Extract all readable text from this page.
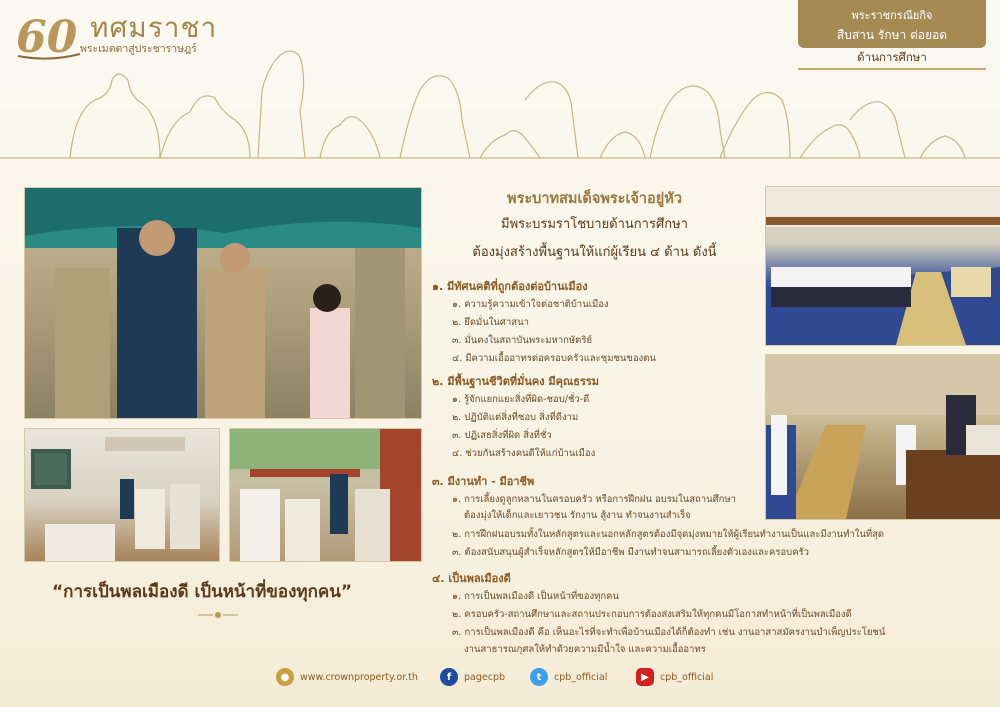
60 ทศมราชา
พระเมตตาสู่ประชาราษฎร์
พระราชกรณียกิจ
สืบสาน รักษา ต่อยอด
ด้านการศึกษา
พระบาทสมเด็จพระเจ้าอยู่หัว
มีพระบรมราโชบายด้านการศึกษา
ต้องมุ่งสร้างพื้นฐานให้แก่ผู้เรียน ๔ ด้าน ดังนี้
๑. มีทัศนคติที่ถูกต้องต่อบ้านเมือง
๑. ความรู้ความเข้าใจต่อชาติบ้านเมือง
๒. ยึดมั่นในศาสนา
๓. มั่นคงในสถาบันพระมหากษัตริย์
๔. มีความเอื้ออาทรต่อครอบครัวและชุมชนของตน
๒. มีพื้นฐานชีวิตที่มั่นคง มีคุณธรรม
๑. รู้จักแยกแยะสิ่งที่ผิด-ชอบ/ชั่ว-ดี
๒. ปฏิบัติแต่สิ่งที่ชอบ สิ่งที่ดีงาม
๓. ปฏิเสธสิ่งที่ผิด สิ่งที่ชั่ว
๔. ช่วยกันสร้างคนดีให้แก่บ้านเมือง
๓. มีงานทำ - มีอาชีพ
๑. การเลี้ยงดูลูกหลานในครอบครัว หรือการฝึกฝน อบรมในสถานศึกษา
ต้องมุ่งให้เด็กและเยาวชน รักงาน สู้งาน ทำจนงานสำเร็จ
๒. การฝึกฝนอบรมทั้งในหลักสูตรและนอกหลักสูตรต้องมีจุดมุ่งหมายให้ผู้เรียนทำงานเป็นและมีงานทำในที่สุด
๓. ต้องสนับสนุนผู้สำเร็จหลักสูตรให้มีอาชีพ มีงานทำจนสามารถเลี้ยงตัวเองและครอบครัว
๔. เป็นพลเมืองดี
๑. การเป็นพลเมืองดี เป็นหน้าที่ของทุกคน
๒. ครอบครัว-สถานศึกษาและสถานประกอบการต้องส่งเสริมให้ทุกคนมีโอกาสทำหน้าที่เป็นพลเมืองดี
๓. การเป็นพลเมืองดี คือ เห็นอะไรที่จะทำเพื่อบ้านเมืองได้ก็ต้องทำ เช่น งานอาสาสมัครงานบำเพ็ญประโยชน์
งานสาธารณกุศลให้ทำด้วยความมีน้ำใจ และความเอื้ออาทร
“การเป็นพลเมืองดี เป็นหน้าที่ของทุกคน”
●	www.crownproperty.or.th	f	pagecpb	t	cpb_official	▶	cpb_official
